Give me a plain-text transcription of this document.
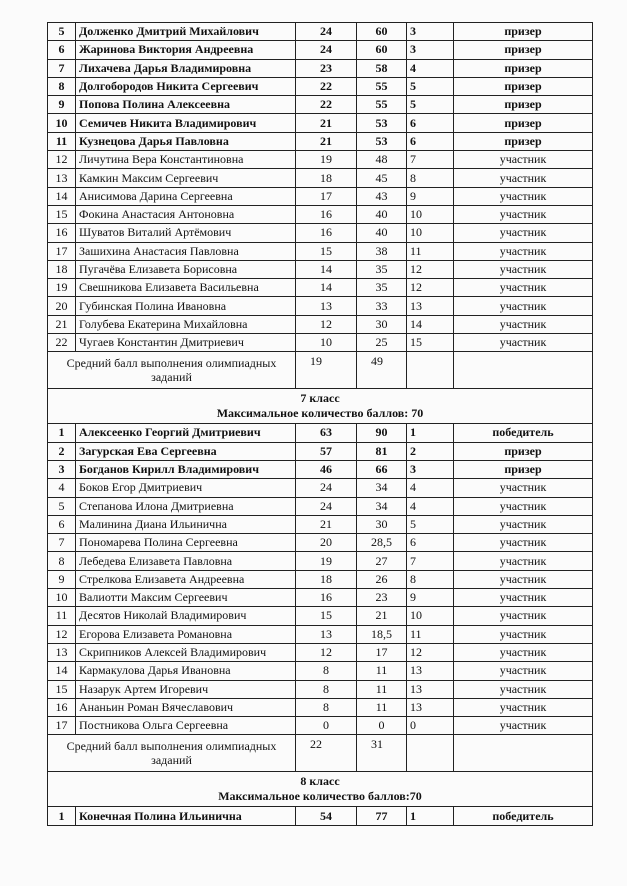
5	Долженко Дмитрий Михайлович	24	60	3	призер
6	Жаринова Виктория Андреевна	24	60	3	призер
7	Лихачева Дарья Владимировна	23	58	4	призер
8	Долгобородов Никита Сергеевич	22	55	5	призер
9	Попова Полина Алексеевна	22	55	5	призер
10	Семичев Никита Владимирович	21	53	6	призер
11	Кузнецова Дарья Павловна	21	53	6	призер
12	Личутина Вера Константиновна	19	48	7	участник
13	Камкин Максим Сергеевич	18	45	8	участник
14	Анисимова Дарина Сергеевна	17	43	9	участник
15	Фокина Анастасия Антоновна	16	40	10	участник
16	Шуватов Виталий Артёмович	16	40	10	участник
17	Зашихина Анастасия Павловна	15	38	11	участник
18	Пугачёва Елизавета Борисовна	14	35	12	участник
19	Свешникова Елизавета Васильевна	14	35	12	участник
20	Губинская Полина Ивановна	13	33	13	участник
21	Голубева Екатерина Михайловна	12	30	14	участник
22	Чугаев Константин Дмитриевич	10	25	15	участник
Средний балл выполнения олимпиадных заданий		19	49		

7 класс
Максимальное количество баллов: 70					

1	Алексеенко Георгий Дмитриевич	63	90	1	победитель
2	Загурская Ева Сергеевна	57	81	2	призер
3	Богданов Кирилл Владимирович	46	66	3	призер
4	Боков Егор Дмитриевич	24	34	4	участник
5	Степанова Илона Дмитриевна	24	34	4	участник
6	Малинина Диана Ильинична	21	30	5	участник
7	Пономарева Полина Сергеевна	20	28,5	6	участник
8	Лебедева Елизавета Павловна	19	27	7	участник
9	Стрелкова Елизавета Андреевна	18	26	8	участник
10	Валиотти Максим Сергеевич	16	23	9	участник
11	Десятов Николай Владимирович	15	21	10	участник
12	Егорова Елизавета Романовна	13	18,5	11	участник
13	Скрипников Алексей Владимирович	12	17	12	участник
14	Кармакулова Дарья Ивановна	8	11	13	участник
15	Назарук Артем Игоревич	8	11	13	участник
16	Ананьин Роман Вячеславович	8	11	13	участник
17	Постникова Ольга Сергеевна	0	0	0	участник
Средний балл выполнения олимпиадных заданий		22	31		

8 класс
Максимальное количество баллов:70					

1	Конечная Полина Ильинична	54	77	1	победитель
